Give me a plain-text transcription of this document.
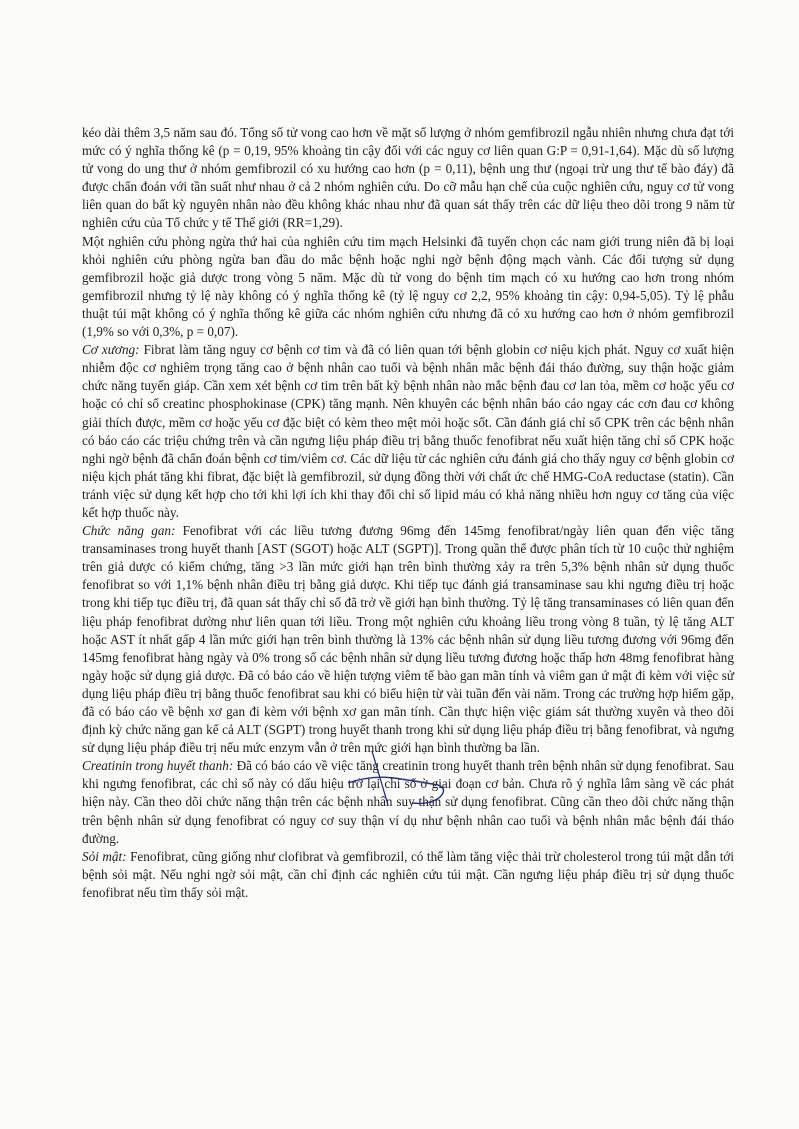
kéo dài thêm 3,5 năm sau đó. Tổng số tử vong cao hơn về mặt số lượng ở nhóm gemfibrozil ngẫu nhiên nhưng chưa đạt tới mức có ý nghĩa thống kê (p = 0,19, 95% khoảng tin cậy đối với các nguy cơ liên quan G:P = 0,91-1,64). Mặc dù số lượng tử vong do ung thư ở nhóm gemfibrozil có xu hướng cao hơn (p = 0,11), bệnh ung thư (ngoại trừ ung thư tế bào đáy) đã được chẩn đoán với tần suất như nhau ở cả 2 nhóm nghiên cứu. Do cỡ mẫu hạn chế của cuộc nghiên cứu, nguy cơ tử vong liên quan do bất kỳ nguyên nhân nào đều không khác nhau như đã quan sát thấy trên các dữ liệu theo dõi trong 9 năm từ nghiên cứu của Tổ chức y tế Thế giới (RR=1,29).

Một nghiên cứu phòng ngừa thứ hai của nghiên cứu tim mạch Helsinki đã tuyển chọn các nam giới trung niên đã bị loại khỏi nghiên cứu phòng ngừa ban đầu do mắc bệnh hoặc nghi ngờ bệnh động mạch vành. Các đối tượng sử dụng gemfibrozil hoặc giả dược trong vòng 5 năm. Mặc dù tử vong do bệnh tim mạch có xu hướng cao hơn trong nhóm gemfibrozil nhưng tỷ lệ này không có ý nghĩa thống kê (tỷ lệ nguy cơ 2,2, 95% khoảng tin cậy: 0,94-5,05). Tỷ lệ phẫu thuật túi mật không có ý nghĩa thống kê giữa các nhóm nghiên cứu nhưng đã có xu hướng cao hơn ở nhóm gemfibrozil (1,9% so với 0,3%, p = 0,07).

Cơ xương: Fibrat làm tăng nguy cơ bệnh cơ tim và đã có liên quan tới bệnh globin cơ niệu kịch phát. Nguy cơ xuất hiện nhiễm độc cơ nghiêm trọng tăng cao ở bệnh nhân cao tuổi và bệnh nhân mắc bệnh đái tháo đường, suy thận hoặc giảm chức năng tuyến giáp. Cần xem xét bệnh cơ tim trên bất kỳ bệnh nhân nào mắc bệnh đau cơ lan tỏa, mềm cơ hoặc yếu cơ hoặc có chỉ số creatinc phosphokinase (CPK) tăng mạnh. Nên khuyên các bệnh nhân báo cáo ngay các cơn đau cơ không giải thích được, mềm cơ hoặc yếu cơ đặc biệt có kèm theo mệt mỏi hoặc sốt. Cần đánh giá chỉ số CPK trên các bệnh nhân có báo cáo các triệu chứng trên và cần ngưng liệu pháp điều trị bằng thuốc fenofibrat nếu xuất hiện tăng chỉ số CPK hoặc nghi ngờ bệnh đã chẩn đoán bệnh cơ tim/viêm cơ. Các dữ liệu từ các nghiên cứu đánh giá cho thấy nguy cơ bệnh globin cơ niệu kịch phát tăng khi fibrat, đặc biệt là gemfibrozil, sử dụng đồng thời với chất ức chế HMG-CoA reductase (statin). Cần tránh việc sử dụng kết hợp cho tới khi lợi ích khi thay đổi chỉ số lipid máu có khả năng nhiều hơn nguy cơ tăng của việc kết hợp thuốc này.

Chức năng gan: Fenofibrat với các liều tương đương 96mg đến 145mg fenofibrat/ngày liên quan đến việc tăng transaminases trong huyết thanh [AST (SGOT) hoặc ALT (SGPT)]. Trong quần thể được phân tích từ 10 cuộc thử nghiệm trên giả dược có kiểm chứng, tăng >3 lần mức giới hạn trên bình thường xảy ra trên 5,3% bệnh nhân sử dụng thuốc fenofibrat so với 1,1% bệnh nhân điều trị bằng giả dược. Khi tiếp tục đánh giá transaminase sau khi ngưng điều trị hoặc trong khi tiếp tục điều trị, đã quan sát thấy chỉ số đã trở về giới hạn bình thường. Tỷ lệ tăng transaminases có liên quan đến liệu pháp fenofibrat dường như liên quan tới liều. Trong một nghiên cứu khoảng liều trong vòng 8 tuần, tỷ lệ tăng ALT hoặc AST ít nhất gấp 4 lần mức giới hạn trên bình thường là 13% các bệnh nhân sử dụng liều tương đương với 96mg đến 145mg fenofibrat hàng ngày và 0% trong số các bệnh nhân sử dụng liều tương đương hoặc thấp hơn 48mg fenofibrat hàng ngày hoặc sử dụng giả dược. Đã có báo cáo về hiện tượng viêm tế bào gan mãn tính và viêm gan ứ mật đi kèm với việc sử dụng liệu pháp điều trị bằng thuốc fenofibrat sau khi có biểu hiện từ vài tuần đến vài năm. Trong các trường hợp hiếm gặp, đã có báo cáo về bệnh xơ gan đi kèm với bệnh xơ gan mãn tính. Cần thực hiện việc giám sát thường xuyên và theo dõi định kỳ chức năng gan kể cả ALT (SGPT) trong huyết thanh trong khi sử dụng liệu pháp điều trị bằng fenofibrat, và ngưng sử dụng liệu pháp điều trị nếu mức enzym vẫn ở trên mức giới hạn bình thường ba lần.

Creatinin trong huyết thanh: Đã có báo cáo về việc tăng creatinin trong huyết thanh trên bệnh nhân sử dụng fenofibrat. Sau khi ngưng fenofibrat, các chỉ số này có dấu hiệu trở lại chỉ số ở giai đoạn cơ bản. Chưa rõ ý nghĩa lâm sàng về các phát hiện này. Cần theo dõi chức năng thận trên các bệnh nhân suy thận sử dụng fenofibrat. Cũng cần theo dõi chức năng thận trên bệnh nhân sử dụng fenofibrat có nguy cơ suy thận ví dụ như bệnh nhân cao tuổi và bệnh nhân mắc bệnh đái tháo đường.

Sỏi mật: Fenofibrat, cũng giống như clofibrat và gemfibrozil, có thể làm tăng việc thải trừ cholesterol trong túi mật dẫn tới bệnh sỏi mật. Nếu nghi ngờ sỏi mật, cần chỉ định các nghiên cứu túi mật. Cần ngưng liệu pháp điều trị sử dụng thuốc fenofibrat nếu tìm thấy sỏi mật.
